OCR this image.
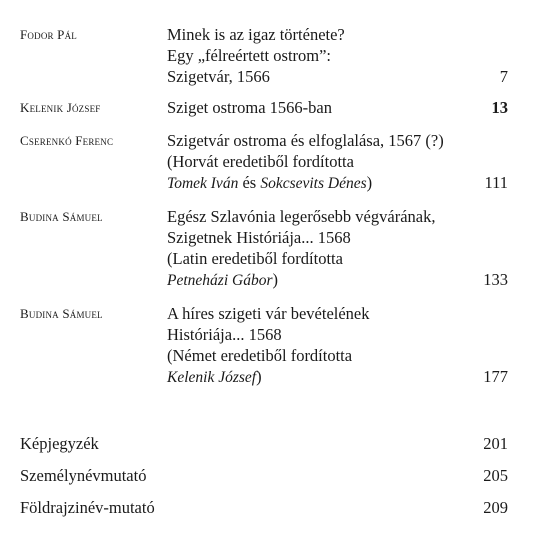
Fodor Pál	Minek is az igaz története?
Egy „félreértett ostrom”:
Szigetvár, 1566	7
Kelenik József	Sziget ostroma 1566-ban	13
Cserenkó Ferenc	Szigetvár ostroma és elfoglalása, 1567 (?)
(Horvát eredetiből fordította
Tomek Iván és Sokcsevits Dénes)	111
Budina Sámuel	Egész Szlavónia legerősebb végvárának,
Szigetnek Históriája... 1568
(Latin eredetiből fordította
Petneházi Gábor)	133
Budina Sámuel	A híres szigeti vár bevételének
Históriája... 1568
(Német eredetiből fordította
Kelenik József)	177
Képjegyzék	201
Személynévmutató	205
Földrajzinév-mutató	209
